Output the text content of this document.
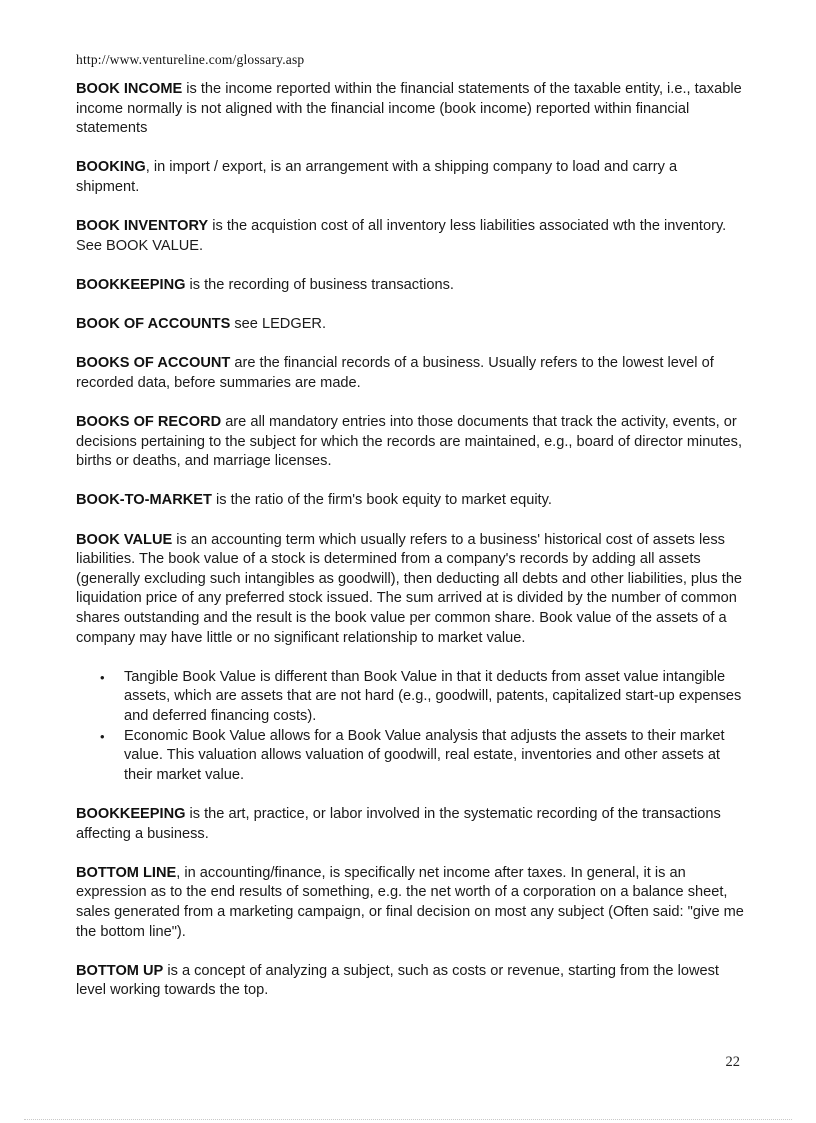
http://www.ventureline.com/glossary.asp

BOOK INCOME is the income reported within the financial statements of the taxable entity, i.e., taxable income normally is not aligned with the financial income (book income) reported within financial statements

BOOKING, in import / export, is an arrangement with a shipping company to load and carry a shipment.

BOOK INVENTORY is the acquistion cost of all inventory less liabilities associated wth the inventory. See BOOK VALUE.

BOOKKEEPING is the recording of business transactions.

BOOK OF ACCOUNTS see LEDGER.

BOOKS OF ACCOUNT are the financial records of a business. Usually refers to the lowest level of recorded data, before summaries are made.

BOOKS OF RECORD are all mandatory entries into those documents that track the activity, events, or decisions pertaining to the subject for which the records are maintained, e.g., board of director minutes, births or deaths, and marriage licenses.

BOOK-TO-MARKET is the ratio of the firm's book equity to market equity.

BOOK VALUE is an accounting term which usually refers to a business' historical cost of assets less liabilities. The book value of a stock is determined from a company's records by adding all assets (generally excluding such intangibles as goodwill), then deducting all debts and other liabilities, plus the liquidation price of any preferred stock issued. The sum arrived at is divided by the number of common shares outstanding and the result is the book value per common share. Book value of the assets of a company may have little or no significant relationship to market value.

• Tangible Book Value is different than Book Value in that it deducts from asset value intangible assets, which are assets that are not hard (e.g., goodwill, patents, capitalized start-up expenses and deferred financing costs).
• Economic Book Value allows for a Book Value analysis that adjusts the assets to their market value. This valuation allows valuation of goodwill, real estate, inventories and other assets at their market value.

BOOKKEEPING is the art, practice, or labor involved in the systematic recording of the transactions affecting a business.

BOTTOM LINE, in accounting/finance, is specifically net income after taxes. In general, it is an expression as to the end results of something, e.g. the net worth of a corporation on a balance sheet, sales generated from a marketing campaign, or final decision on most any subject (Often said: "give me the bottom line").

BOTTOM UP is a concept of analyzing a subject, such as costs or revenue, starting from the lowest level working towards the top.

22
